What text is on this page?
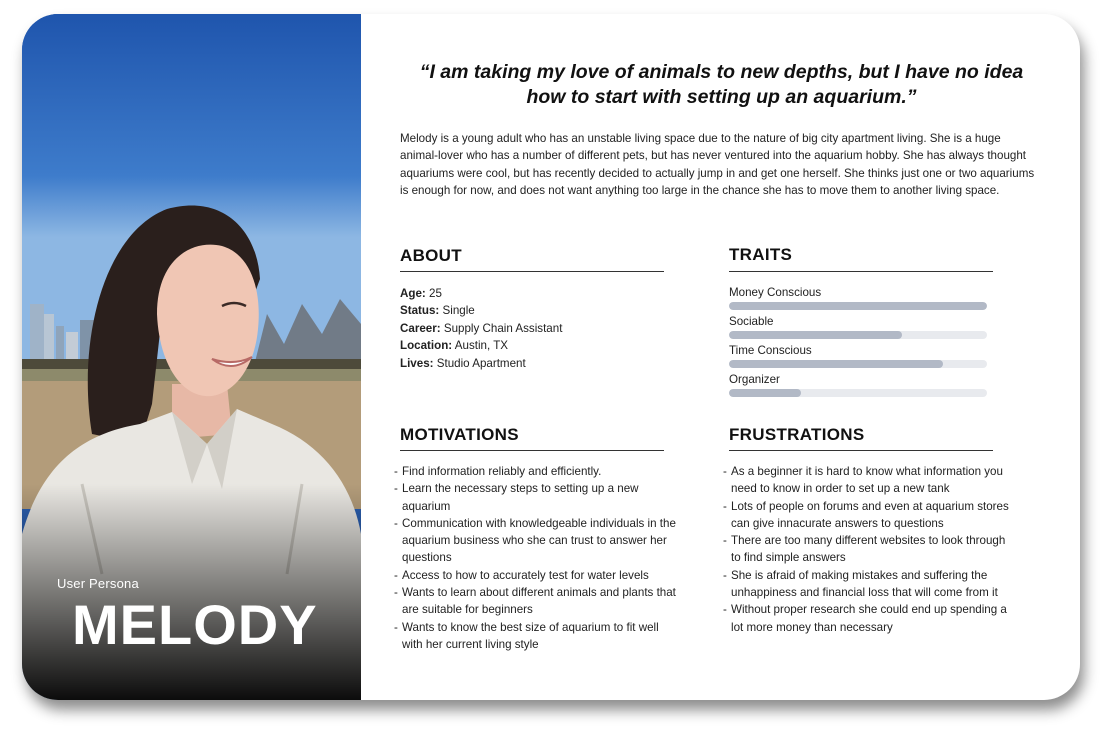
User Persona
MELODY
“I am taking my love of animals to new depths, but I have no idea how to start with setting up an aquarium.”
Melody is a young adult who has an unstable living space due to the nature of big city apartment living. She is a huge animal-lover who has a number of different pets, but has never ventured into the aquarium hobby. She has always thought aquariums were cool, but has recently decided to actually jump in and get one herself. She thinks just one or two aquariums is enough for now, and does not want anything too large in the chance she has to move them to another living space.
ABOUT
Age: 25
Status: Single
Career: Supply Chain Assistant
Location: Austin, TX
Lives: Studio Apartment
TRAITS
Money Conscious
Sociable
Time Conscious
Organizer
MOTIVATIONS
- Find information reliably and efficiently.
- Learn the necessary steps to setting up a new aquarium
- Communication with knowledgeable individuals in the aquarium business who she can trust to answer her questions
- Access to how to accurately test for water levels
- Wants to learn about different animals and plants that are suitable for beginners
- Wants to know the best size of aquarium to fit well with her current living style
FRUSTRATIONS
- As a beginner it is hard to know what information you need to know in order to set up a new tank
- Lots of people on forums and even at aquarium stores can give innacurate answers to questions
- There are too many different websites to look through to find simple answers
- She is afraid of making mistakes and suffering the unhappiness and financial loss that will come from it
- Without proper research she could end up spending a lot more money than necessary
